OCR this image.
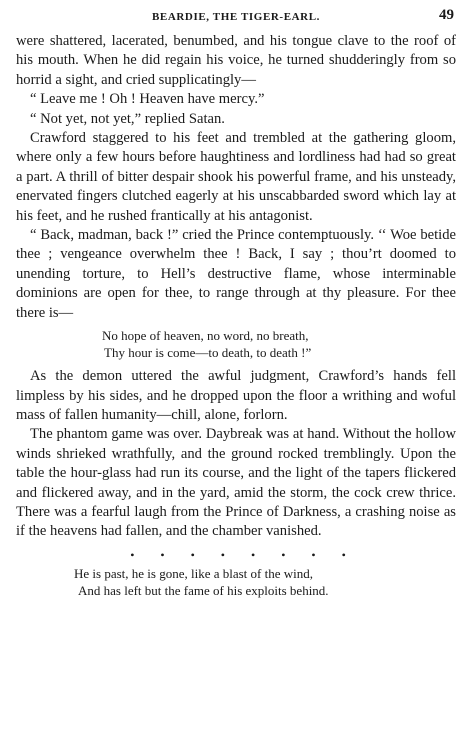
BEARDIE, THE TIGER-EARL.	49

were shattered, lacerated, benumbed, and his tongue clave to the roof of his mouth. When he did regain his voice, he turned shudderingly from so horrid a sight, and cried supplicatingly—

“ Leave me ! Oh ! Heaven have mercy.”

“ Not yet, not yet,” replied Satan.

Crawford staggered to his feet and trembled at the gathering gloom, where only a few hours before haughtiness and lordliness had had so great a part. A thrill of bitter despair shook his powerful frame, and his unsteady, enervated fingers clutched eagerly at his unscabbarded sword which lay at his feet, and he rushed frantically at his antagonist.

“ Back, madman, back !” cried the Prince contemptuously. ‘‘ Woe betide thee ; vengeance overwhelm thee ! Back, I say ; thou’rt doomed to unending torture, to Hell’s destructive flame, whose interminable dominions are open for thee, to range through at thy pleasure. For thee there is—

No hope of heaven, no word, no breath,
Thy hour is come—to death, to death !”

As the demon uttered the awful judgment, Crawford’s hands fell limpless by his sides, and he dropped upon the floor a writhing and woful mass of fallen humanity—chill, alone, forlorn.

The phantom game was over. Daybreak was at hand. Without the hollow winds shrieked wrathfully, and the ground rocked tremblingly. Upon the table the hour-glass had run its course, and the light of the tapers flickered and flickered away, and in the yard, amid the storm, the cock crew thrice. There was a fearful laugh from the Prince of Darkness, a crashing noise as if the heavens had fallen, and the chamber vanished.

• • • • • • • •
He is past, he is gone, like a blast of the wind,
And has left but the fame of his exploits behind.
